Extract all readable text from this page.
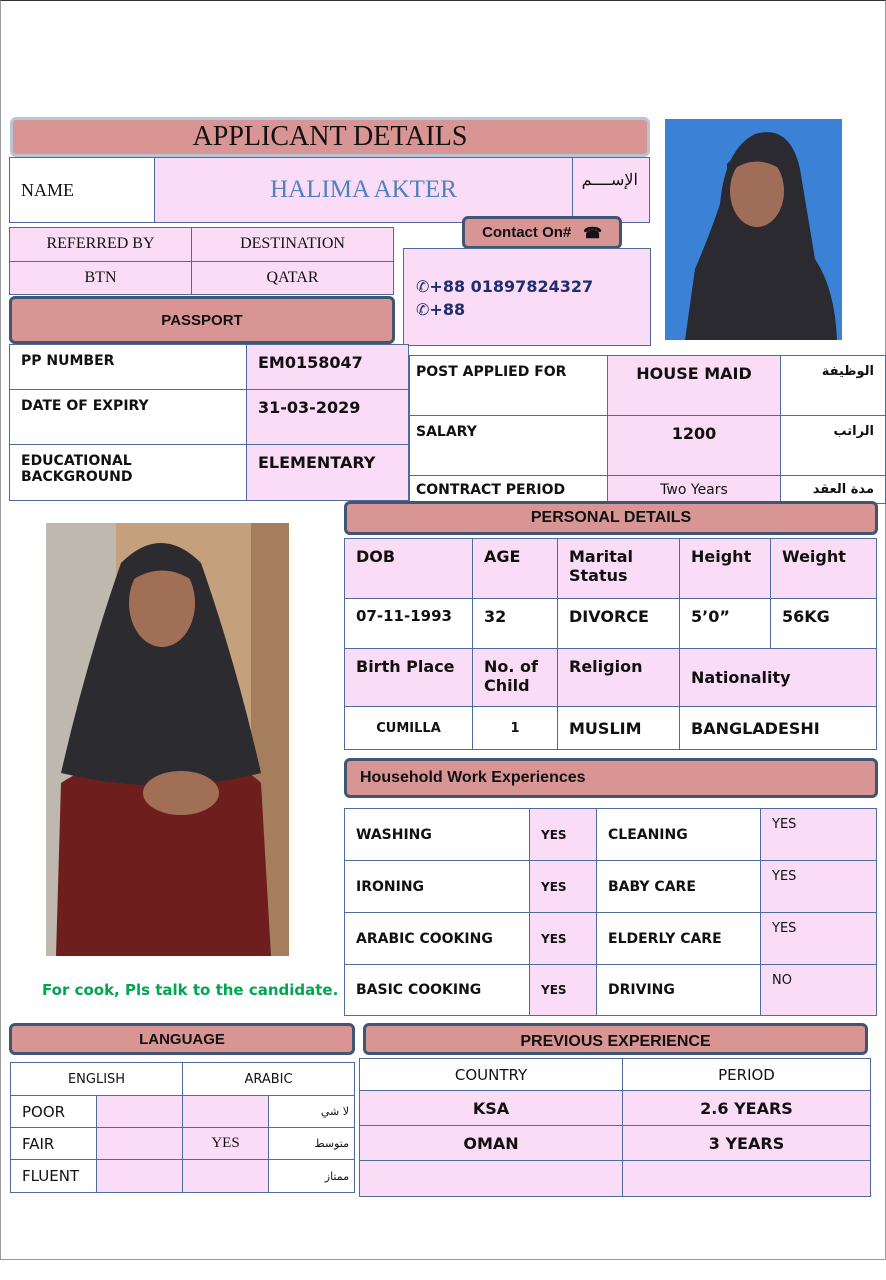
APPLICANT DETAILS
NAME	HALIMA AKTER	الإســــم
REFERRED BY	DESTINATION
BTN	QATAR
Contact On# ☎
✆+88 01897824327
✆+88
PASSPORT
PP NUMBER	EM0158047
DATE OF EXPIRY	31-03-2029
EDUCATIONAL BACKGROUND	ELEMENTARY
POST APPLIED FOR	HOUSE MAID	الوظيفة
SALARY	1200	الراتب
CONTRACT PERIOD	Two Years	مدة العقد
PERSONAL DETAILS
DOB	AGE	Marital Status	Height	Weight
07-11-1993	32	DIVORCE	5’0”	56KG
Birth Place	No. of Child	Religion	Nationality	
CUMILLA	1	MUSLIM	BANGLADESHI	
Household Work Experiences
WASHING	YES	CLEANING	YES
IRONING	YES	BABY CARE	YES
ARABIC COOKING	YES	ELDERLY CARE	YES
BASIC COOKING	YES	DRIVING	NO
For cook, Pls talk to the candidate.
LANGUAGE
ENGLISH		ARABIC	
POOR			لا شي
FAIR		YES	متوسط
FLUENT			ممتاز
PREVIOUS EXPERIENCE
COUNTRY	PERIOD
KSA	2.6 YEARS
OMAN	3 YEARS
